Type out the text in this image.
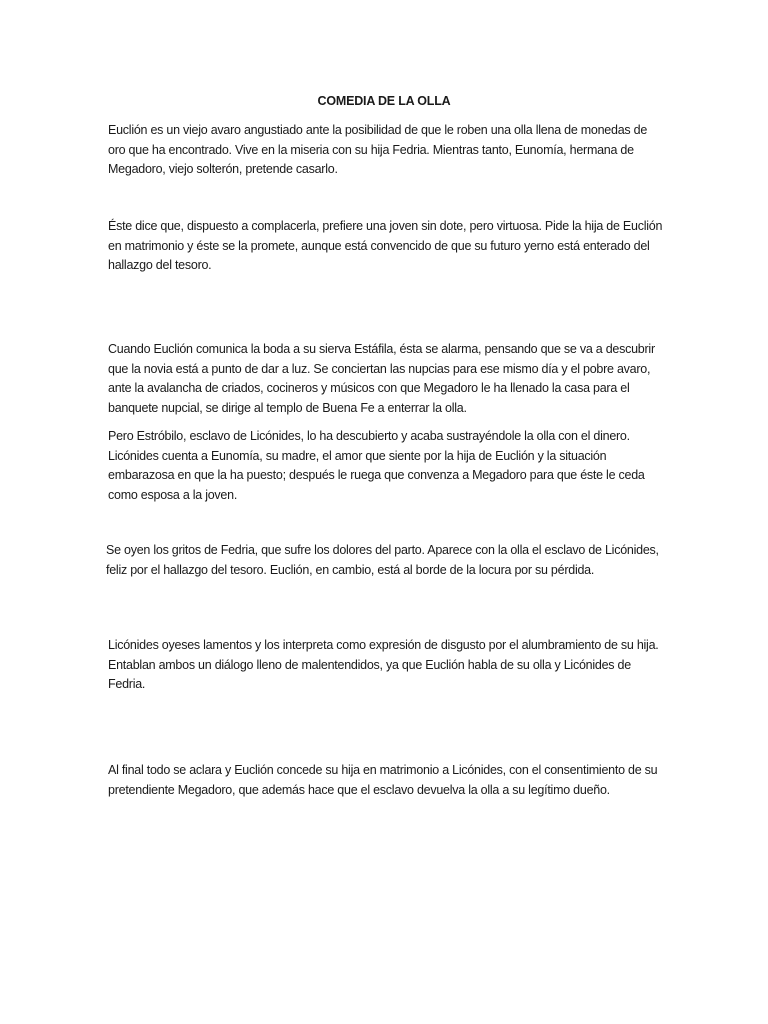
COMEDIA DE LA OLLA

Euclión es un viejo avaro angustiado ante la posibilidad de que le roben una olla llena de monedas de oro que ha encontrado. Vive en la miseria con su hija Fedria. Mientras tanto, Eunomía, hermana de Megadoro, viejo solterón, pretende casarlo.

Éste dice que, dispuesto a complacerla, prefiere una joven sin dote, pero virtuosa. Pide la hija de Euclión en matrimonio y éste se la promete, aunque está convencido de que su futuro yerno está enterado del hallazgo del tesoro.

Cuando Euclión comunica la boda a su sierva Estáfila, ésta se alarma, pensando que se va a descubrir que la novia está a punto de dar a luz. Se conciertan las nupcias para ese mismo día y el pobre avaro, ante la avalancha de criados, cocineros y músicos con que Megadoro le ha llenado la casa para el banquete nupcial, se dirige al templo de Buena Fe a enterrar la olla.

Pero Estróbilo, esclavo de Licónides, lo ha descubierto y acaba sustrayéndole la olla con el dinero. Licónides cuenta a Eunomía, su madre, el amor que siente por la hija de Euclión y la situación embarazosa en que la ha puesto; después le ruega que convenza a Megadoro para que éste le ceda como esposa a la joven.

Se oyen los gritos de Fedria, que sufre los dolores del parto. Aparece con la olla el esclavo de Licónides, feliz por el hallazgo del tesoro. Euclión, en cambio, está al borde de la locura por su pérdida.

Licónides oyeses lamentos y los interpreta como expresión de disgusto por el alumbramiento de su hija. Entablan ambos un diálogo lleno de malentendidos, ya que Euclión habla de su olla y Licónides de Fedria.

Al final todo se aclara y Euclión concede su hija en matrimonio a Licónides, con el consentimiento de su pretendiente Megadoro, que además hace que el esclavo devuelva la olla a su legítimo dueño.
